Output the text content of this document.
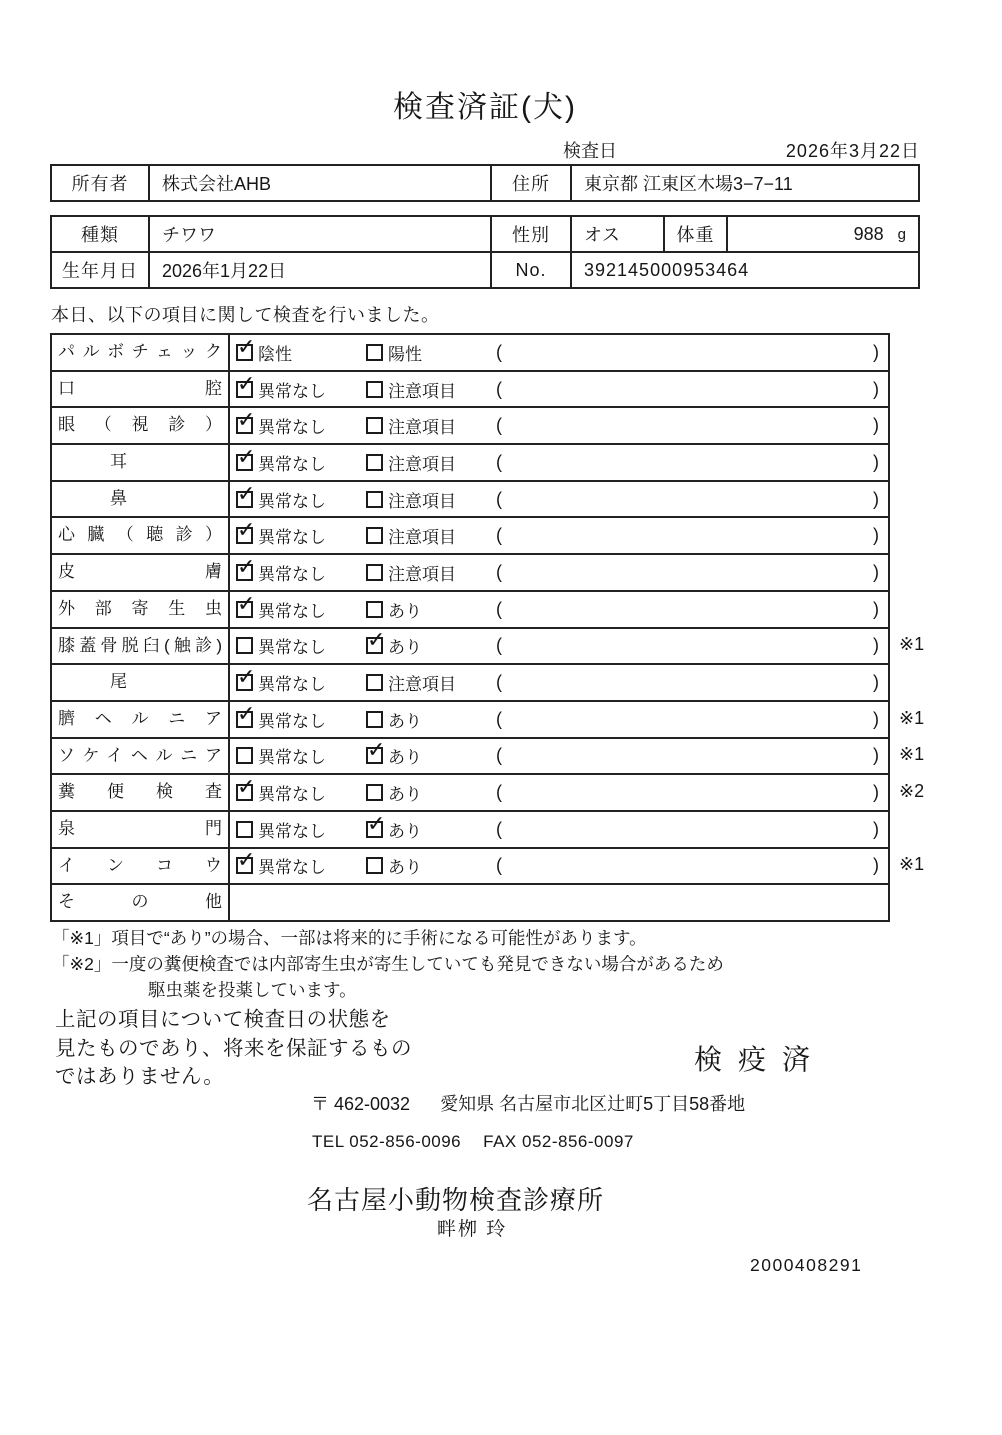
検査済証(犬)
検査日	2026年3月22日
所有者	株式会社AHB	住所	東京都 江東区木場3−7−11
種類	チワワ	性別	オス	体重	988 g
生年月日	2026年1月22日	No.	392145000953464
本日、以下の項目に関して検査を行いました。
パルボチェック ✓	陰性	陽性	(	)
口腔 ✓	異常なし	注意項目 (	)
眼（視診） ✓	異常なし	注意項目 (	)
耳 ✓	異常なし	注意項目 (	)
鼻 ✓	異常なし	注意項目 (	)
心臓（聴診） ✓	異常なし	注意項目 (	)
皮膚 ✓	異常なし	注意項目 (	)
外部寄生虫 ✓	異常なし	あり	(	)
膝蓋骨脱臼(触診)	異常なし ✓	あり	(	)	※1
尾 ✓	異常なし	注意項目 (	)
臍ヘルニア ✓	異常なし	あり	(	)	※1
ソケイヘルニア	異常なし ✓	あり	(	)	※1
糞便検査 ✓	異常なし	あり	(	)	※2
泉門	異常なし ✓	あり	(	)
インコウ ✓	異常なし	あり	(	)	※1
その他
「※1」項目で“あり”の場合、一部は将来的に手術になる可能性があります。
「※2」一度の糞便検査では内部寄生虫が寄生していても発見できない場合があるため
駆虫薬を投薬しています。
上記の項目について検査日の状態を
見たものであり、将来を保証するもの
ではありません。
検疫済
〒 462-0032 愛知県 名古屋市北区辻町5丁目58番地
TEL 052-856-0096 FAX 052-856-0097
名古屋小動物検査診療所
畔栁 玲
2000408291
